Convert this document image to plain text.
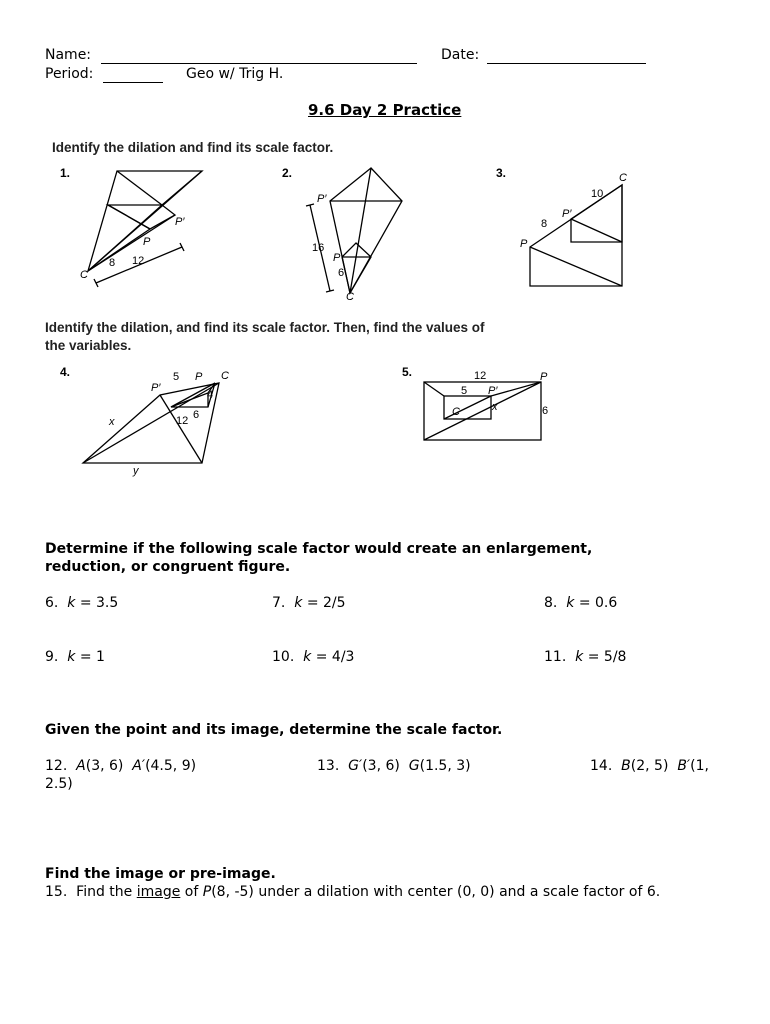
Name:	Date:
Period:	Geo w/ Trig H.
9.6 Day 2 Practice
Identify the dilation and find its scale factor.
1.
P′
P
C
8 12
2.
P′
P
C
16
6
3.	C
P′
P
10
8
Identify the dilation, and find its scale factor. Then, find the values of
the variables.
4.
P′
5 P C
4
12 6
x
y
5.	12	P
5 P′
C	x	6
Determine if the following scale factor would create an enlargement,
reduction, or congruent figure.
6. k = 3.5	7. k = 2/5	8. k = 0.6
9. k = 1	10. k = 4/3	11. k = 5/8
Given the point and its image, determine the scale factor.
12. A(3, 6) A′(4.5, 9)	13. G′(3, 6) G(1.5, 3)	14. B(2, 5) B′(1,
2.5)
Find the image or pre-image.
15. Find the image of P(8, -5) under a dilation with center (0, 0) and a scale factor of 6.
